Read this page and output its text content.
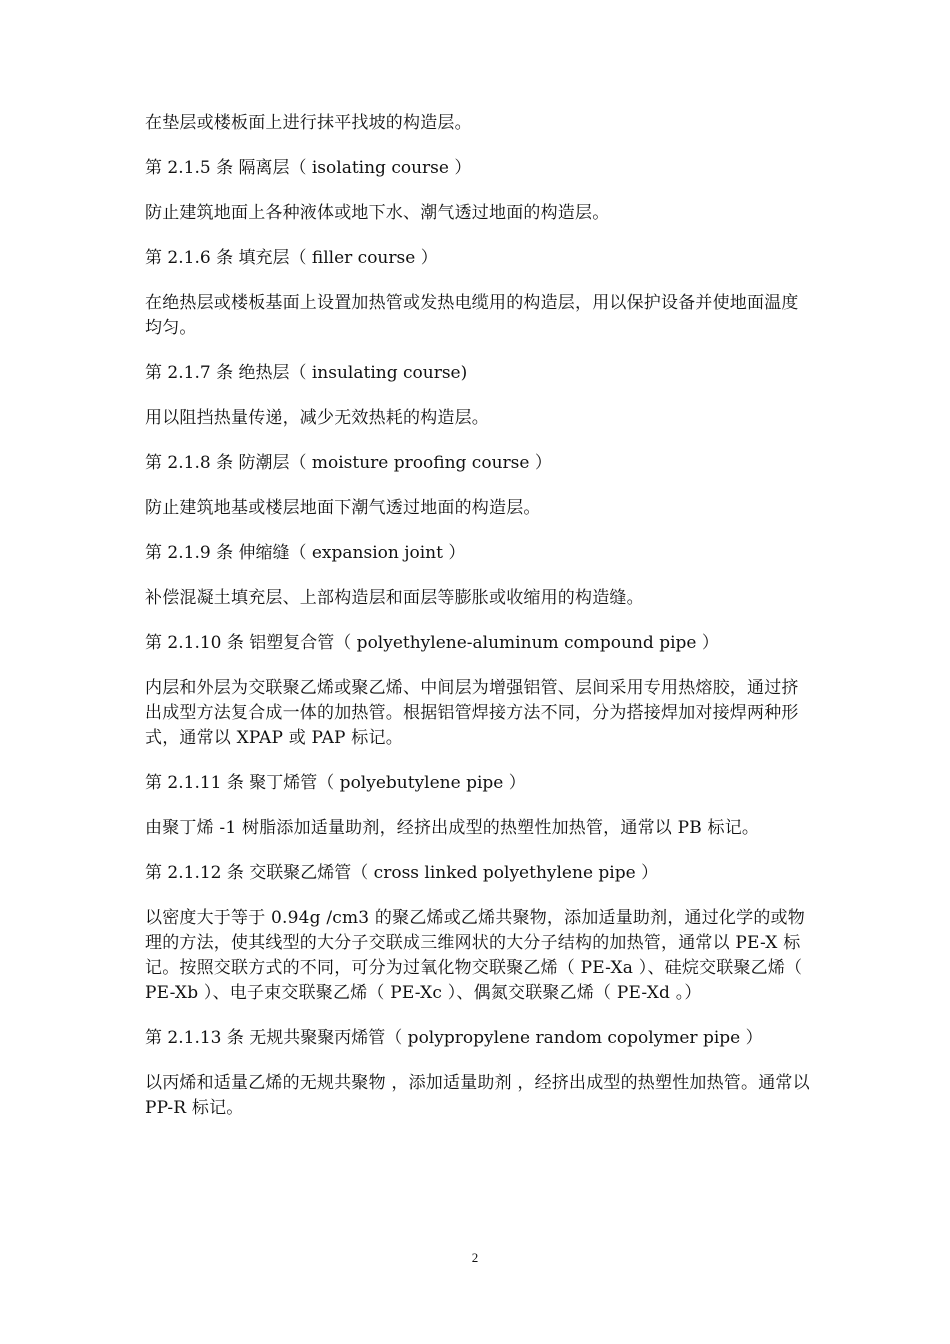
在垫层或楼板面上进行抹平找坡的构造层。

第 2.1.5 条 隔离层（ isolating course ）

防止建筑地面上各种液体或地下水、潮气透过地面的构造层。

第 2.1.6 条 填充层（ filler course ）

在绝热层或楼板基面上设置加热管或发热电缆用的构造层，用以保护设备并使地面温度均匀。

第 2.1.7 条 绝热层（ insulating course)

用以阻挡热量传递，减少无效热耗的构造层。

第 2.1.8 条 防潮层（ moisture proofing course ）

防止建筑地基或楼层地面下潮气透过地面的构造层。

第 2.1.9 条 伸缩缝（ expansion joint ）

补偿混凝土填充层、上部构造层和面层等膨胀或收缩用的构造缝。

第 2.1.10 条 铝塑复合管（ polyethylene-aluminum compound pipe ）

内层和外层为交联聚乙烯或聚乙烯、中间层为增强铝管、层间采用专用热熔胶，通过挤出成型方法复合成一体的加热管。根据铝管焊接方法不同，分为搭接焊加对接焊两种形式，通常以 XPAP 或 PAP 标记。

第 2.1.11 条 聚丁烯管（ polyebutylene pipe ）

由聚丁烯 -1 树脂添加适量助剂，经挤出成型的热塑性加热管，通常以 PB 标记。

第 2.1.12 条 交联聚乙烯管（ cross linked polyethylene pipe ）

以密度大于等于 0.94g /cm3 的聚乙烯或乙烯共聚物，添加适量助剂，通过化学的或物理的方法，使其线型的大分子交联成三维网状的大分子结构的加热管，通常以 PE-X 标记。按照交联方式的不同，可分为过氧化物交联聚乙烯（ PE-Xa ）、硅烷交联聚乙烯（ PE-Xb ）、电子束交联聚乙烯（ PE-Xc ）、偶氮交联聚乙烯（ PE-Xd 。）

第 2.1.13 条 无规共聚聚丙烯管（ polypropylene random copolymer pipe ）

以丙烯和适量乙烯的无规共聚物 ，添加适量助剂 ，经挤出成型的热塑性加热管。通常以 PP-R 标记。

2
